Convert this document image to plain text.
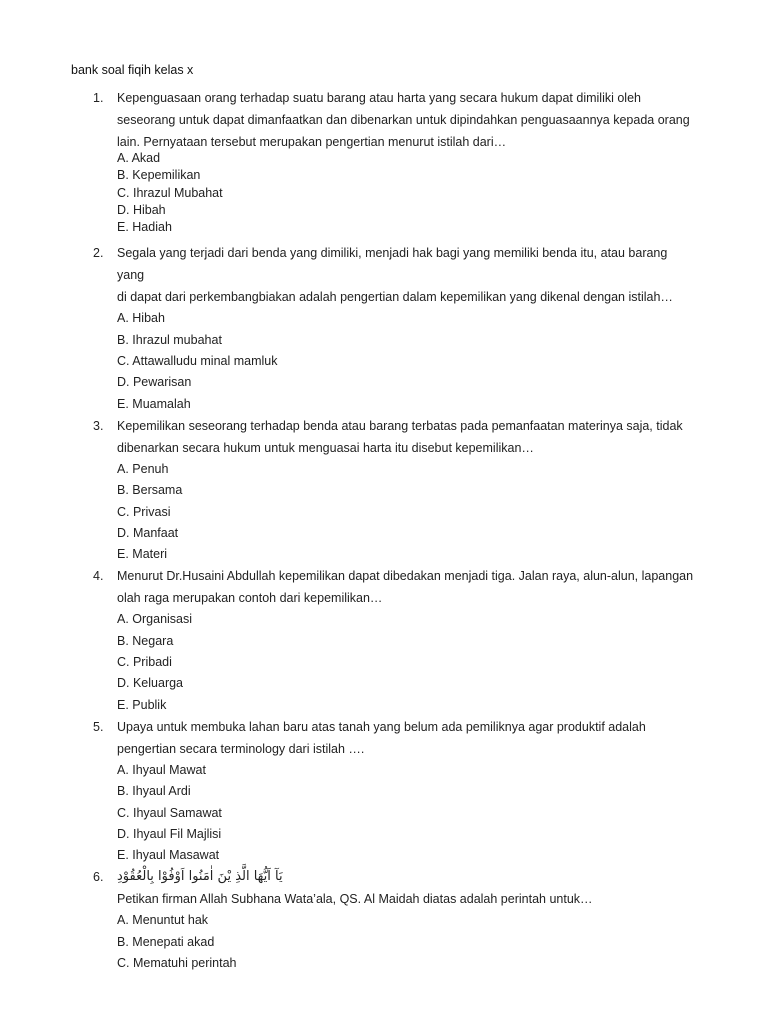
bank soal fiqih kelas x
1. Kepenguasaan orang terhadap suatu barang atau harta yang secara hukum dapat dimiliki oleh
seseorang untuk dapat dimanfaatkan dan dibenarkan untuk dipindahkan penguasaannya kepada orang
lain. Pernyataan tersebut merupakan pengertian menurut istilah dari…
A. Akad
B. Kepemilikan
C. Ihrazul Mubahat
D. Hibah
E. Hadiah
2. Segala yang terjadi dari benda yang dimiliki, menjadi hak bagi yang memiliki benda itu, atau barang yang
di dapat dari perkembangbiakan adalah pengertian dalam kepemilikan yang dikenal dengan istilah…
A. Hibah
B. Ihrazul mubahat
C. Attawalludu minal mamluk
D. Pewarisan
E. Muamalah
3. Kepemilikan seseorang terhadap benda atau barang terbatas pada pemanfaatan materinya saja, tidak
dibenarkan secara hukum untuk menguasai harta itu disebut kepemilikan…
A. Penuh
B. Bersama
C. Privasi
D. Manfaat
E. Materi
4. Menurut Dr.Husaini Abdullah kepemilikan dapat dibedakan menjadi tiga. Jalan raya, alun-alun, lapangan
olah raga merupakan contoh dari kepemilikan…
A. Organisasi
B. Negara
C. Pribadi
D. Keluarga
E. Publik
5. Upaya untuk membuka lahan baru atas tanah yang belum ada pemiliknya agar produktif adalah
pengertian secara terminology dari istilah ….
A. Ihyaul Mawat
B. Ihyaul Ardi
C. Ihyaul Samawat
D. Ihyaul Fil Majlisi
E. Ihyaul Masawat
6. يَآ اَيُّهَا الَّذِ يْنَ اٰمَنُوا اَوْفُوْا بِالْعُقُوْدِ
Petikan firman Allah Subhana Wata’ala, QS. Al Maidah diatas adalah perintah untuk…
A. Menuntut hak
B. Menepati akad
C. Mematuhi perintah
